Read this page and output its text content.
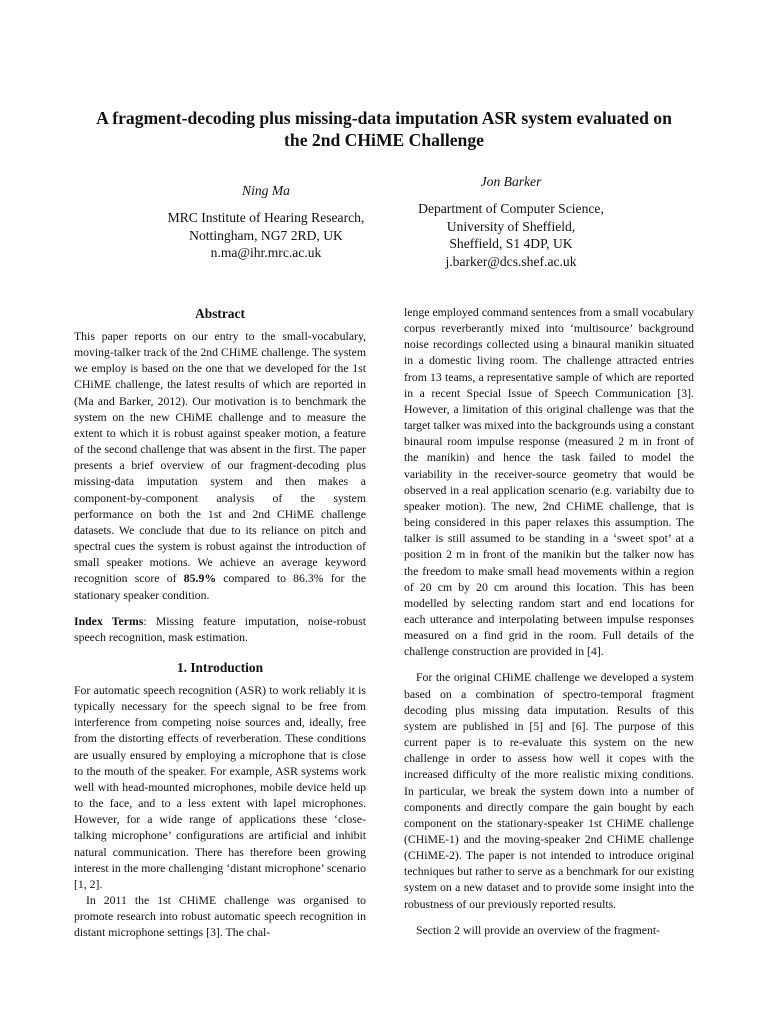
A fragment-decoding plus missing-data imputation ASR system evaluated on
the 2nd CHiME Challenge
Ning Ma
MRC Institute of Hearing Research,
Nottingham, NG7 2RD, UK
n.ma@ihr.mrc.ac.uk
Jon Barker
Department of Computer Science,
University of Sheffield,
Sheffield, S1 4DP, UK
j.barker@dcs.shef.ac.uk
Abstract

This paper reports on our entry to the small-vocabulary, moving-talker track of the 2nd CHiME challenge. The system we employ is based on the one that we developed for the 1st CHiME challenge, the latest results of which are reported in (Ma and Barker, 2012). Our motivation is to benchmark the system on the new CHiME challenge and to measure the extent to which it is robust against speaker motion, a feature of the second challenge that was absent in the first. The paper presents a brief overview of our fragment-decoding plus missing-data imputation system and then makes a component-by-component analysis of the system performance on both the 1st and 2nd CHiME challenge datasets. We conclude that due to its reliance on pitch and spectral cues the system is robust against the introduction of small speaker motions. We achieve an average keyword recognition score of 85.9% compared to 86.3% for the stationary speaker condition.

Index Terms: Missing feature imputation, noise-robust speech recognition, mask estimation.

1. Introduction

For automatic speech recognition (ASR) to work reliably it is typically necessary for the speech signal to be free from interference from competing noise sources and, ideally, free from the distorting effects of reverberation. These conditions are usually ensured by employing a microphone that is close to the mouth of the speaker. For example, ASR systems work well with head-mounted microphones, mobile device held up to the face, and to a less extent with lapel microphones. However, for a wide range of applications these ‘close-talking microphone’ configurations are artificial and inhibit natural communication. There has therefore been growing interest in the more challenging ‘distant microphone’ scenario [1, 2].

In 2011 the 1st CHiME challenge was organised to promote research into robust automatic speech recognition in distant microphone settings [3]. The chal-

lenge employed command sentences from a small vocabulary corpus reverberantly mixed into ‘multisource’ background noise recordings collected using a binaural manikin situated in a domestic living room. The challenge attracted entries from 13 teams, a representative sample of which are reported in a recent Special Issue of Speech Communication [3]. However, a limitation of this original challenge was that the target talker was mixed into the backgrounds using a constant binaural room impulse response (measured 2 m in front of the manikin) and hence the task failed to model the variability in the receiver-source geometry that would be observed in a real application scenario (e.g. variabilty due to speaker motion). The new, 2nd CHiME challenge, that is being considered in this paper relaxes this assumption. The talker is still assumed to be standing in a ‘sweet spot’ at a position 2 m in front of the manikin but the talker now has the freedom to make small head movements within a region of 20 cm by 20 cm around this location. This has been modelled by selecting random start and end locations for each utterance and interpolating between impulse responses measured on a find grid in the room. Full details of the challenge construction are provided in [4].

For the original CHiME challenge we developed a system based on a combination of spectro-temporal fragment decoding plus missing data imputation. Results of this system are published in [5] and [6]. The purpose of this current paper is to re-evaluate this system on the new challenge in order to assess how well it copes with the increased difficulty of the more realistic mixing conditions. In particular, we break the system down into a number of components and directly compare the gain bought by each component on the stationary-speaker 1st CHiME challenge (CHiME-1) and the moving-speaker 2nd CHiME challenge (CHiME-2). The paper is not intended to introduce original techniques but rather to serve as a benchmark for our existing system on a new dataset and to provide some insight into the robustness of our previously reported results.

Section 2 will provide an overview of the fragment-
